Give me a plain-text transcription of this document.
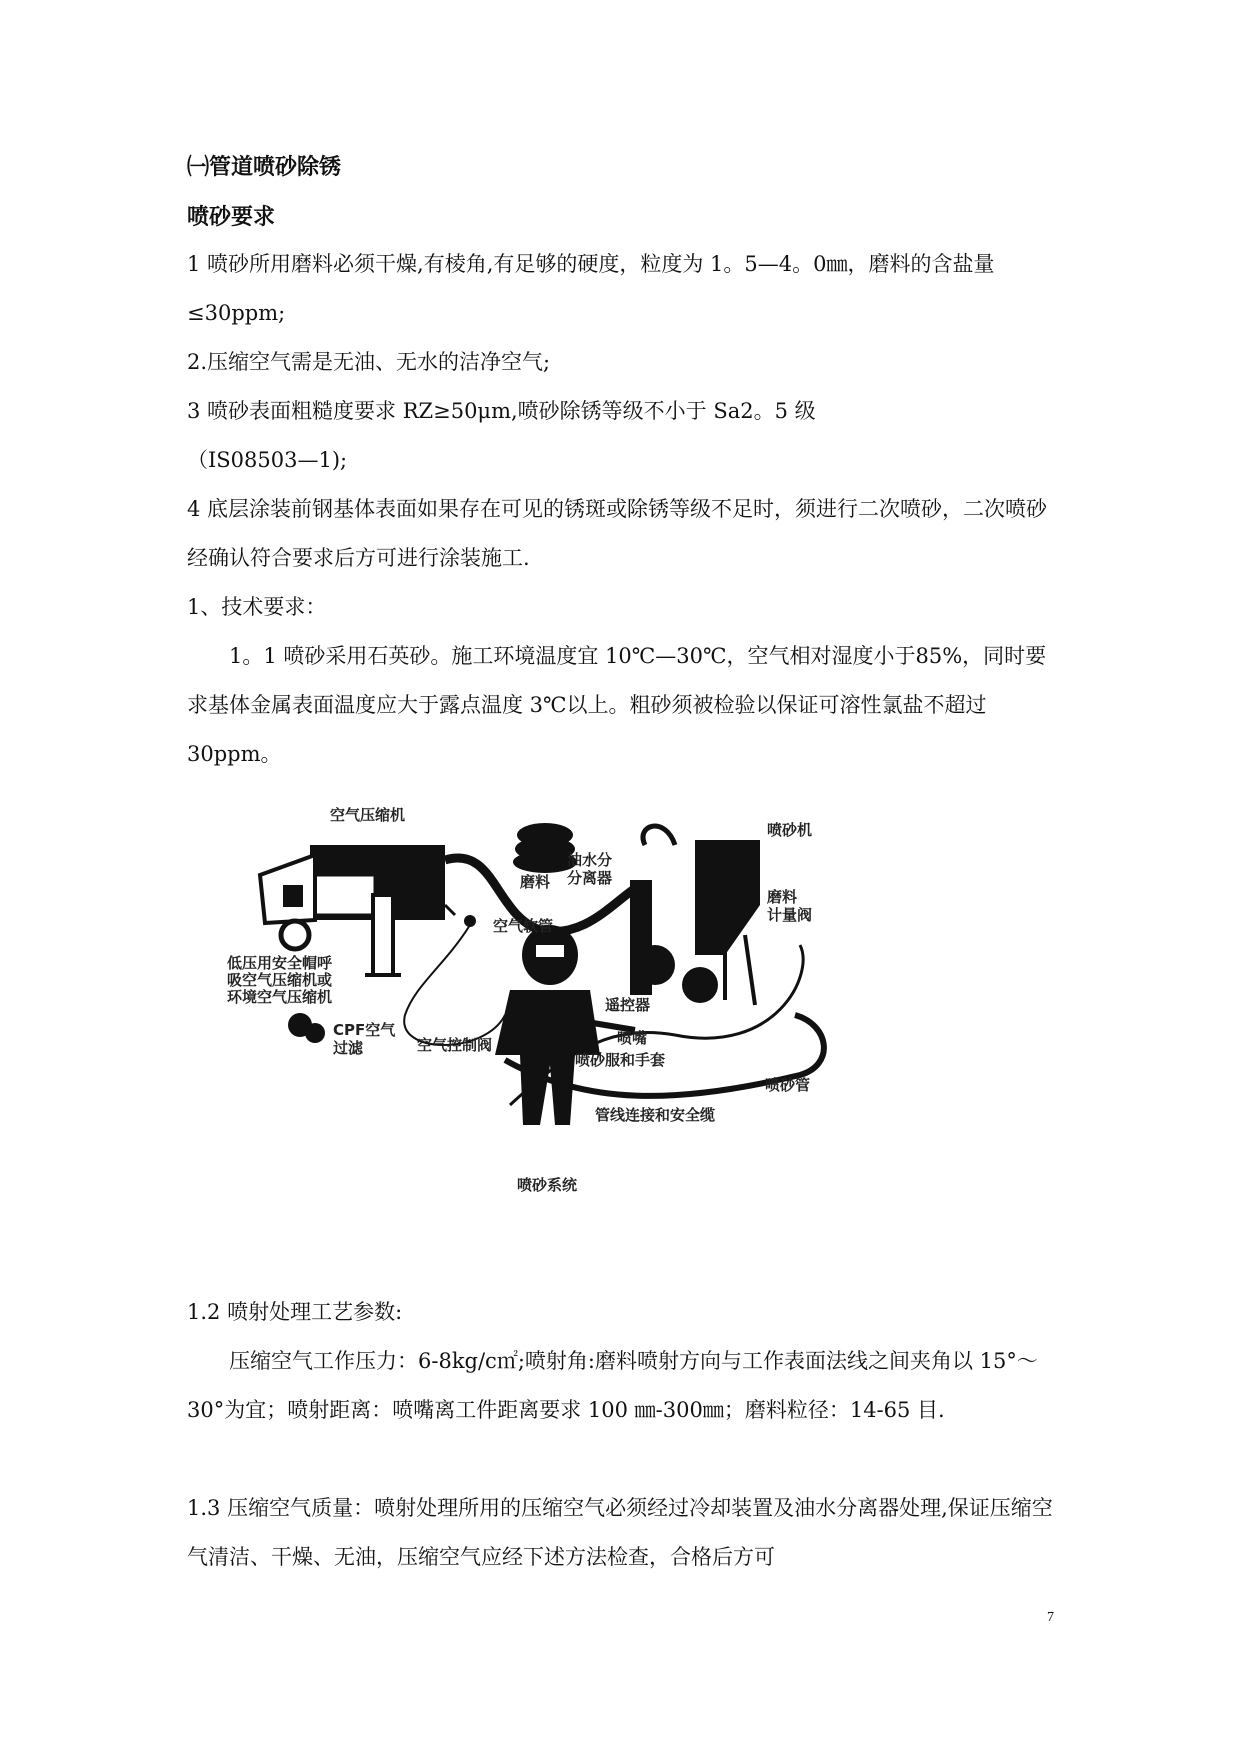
㈠管道喷砂除锈
喷砂要求

1 喷砂所用磨料必须干燥,有棱角,有足够的硬度，粒度为 1。5—4。0㎜，磨料的含盐量≤30ppm;

2.压缩空气需是无油、无水的洁净空气;

3 喷砂表面粗糙度要求 RZ≥50μm,喷砂除锈等级不小于 Sa2。5 级

（IS08503—1);

4 底层涂装前钢基体表面如果存在可见的锈斑或除锈等级不足时，须进行二次喷砂，二次喷砂经确认符合要求后方可进行涂装施工.

1、技术要求：

1。1 喷砂采用石英砂。施工环境温度宜 10℃—30℃，空气相对湿度小于85%，同时要求基体金属表面温度应大于露点温度 3℃以上。粗砂须被检验以保证可溶性氯盐不超过 30ppm。

空气压缩机
磨料
油水分
分离器
喷砂机
空气软管
磨料
计量阀
低压用安全帽呼
吸空气压缩机或
环境空气压缩机	遥控器
CPF空气
过滤	空气控制阀	喷嘴
喷砂服和手套
喷砂管
管线连接和安全缆
喷砂系统

1.2 喷射处理工艺参数:

压缩空气工作压力：6-8kg/c㎡;喷射角:磨料喷射方向与工作表面法线之间夹角以 15°～30°为宜；喷射距离：喷嘴离工件距离要求 100 ㎜-300㎜；磨料粒径：14-65 目.

1.3 压缩空气质量：喷射处理所用的压缩空气必须经过冷却装置及油水分离器处理,保证压缩空气清洁、干燥、无油，压缩空气应经下述方法检查，合格后方可

7
